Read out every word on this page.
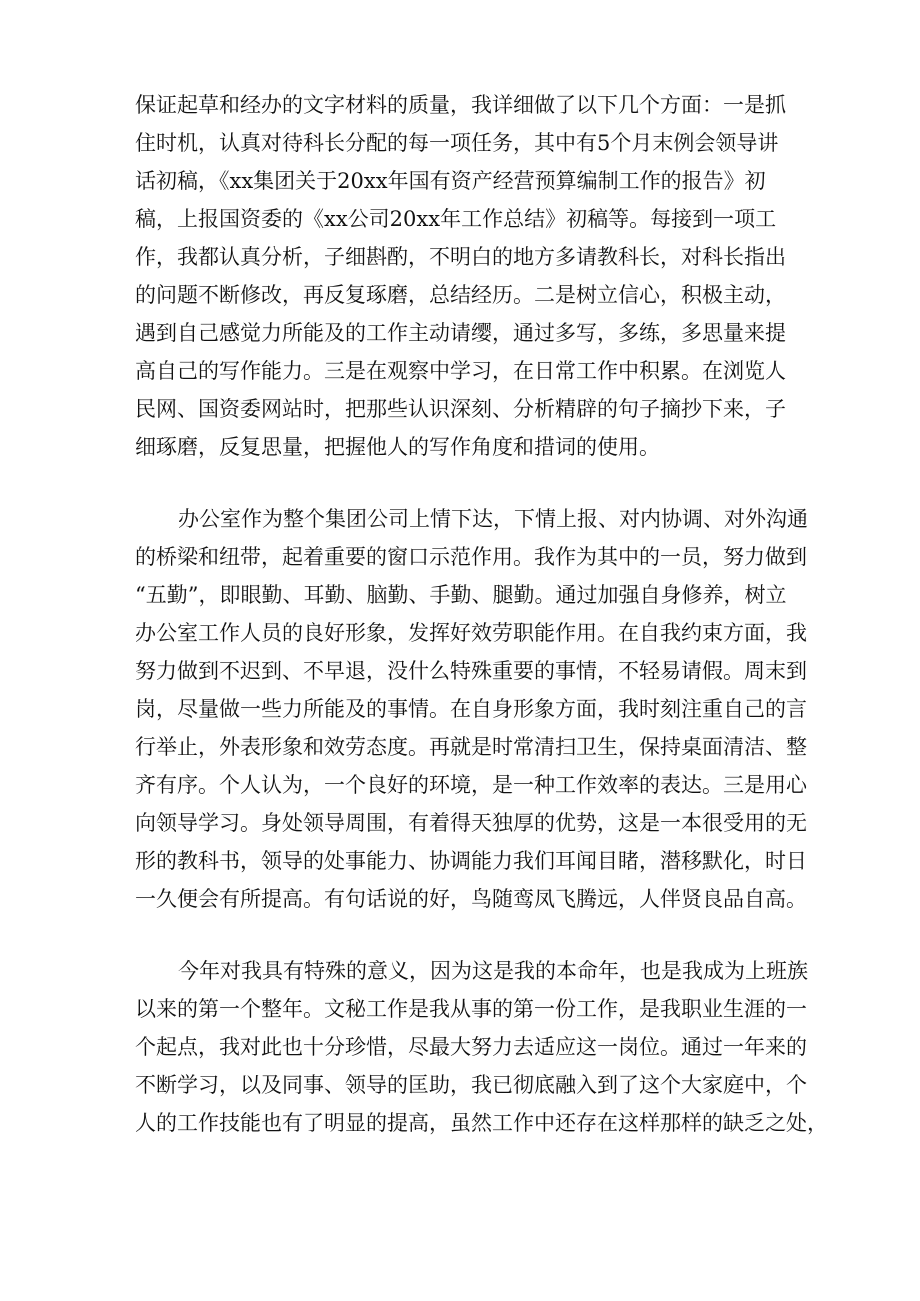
保证起草和经办的文字材料的质量，我详细做了以下几个方面：一是抓
住时机，认真对待科长分配的每一项任务，其中有5个月末例会领导讲
话初稿，《xx集团关于20xx年国有资产经营预算编制工作的报告》初
稿，上报国资委的《xx公司20xx年工作总结》初稿等。每接到一项工
作，我都认真分析，子细斟酌，不明白的地方多请教科长，对科长指出
的问题不断修改，再反复琢磨，总结经历。二是树立信心，积极主动，
遇到自己感觉力所能及的工作主动请缨，通过多写，多练，多思量来提
高自己的写作能力。三是在观察中学习，在日常工作中积累。在浏览人
民网、国资委网站时，把那些认识深刻、分析精辟的句子摘抄下来，子
细琢磨，反复思量，把握他人的写作角度和措词的使用。
办公室作为整个集团公司上情下达，下情上报、对内协调、对外沟通
的桥梁和纽带，起着重要的窗口示范作用。我作为其中的一员，努力做到
“五勤”，即眼勤、耳勤、脑勤、手勤、腿勤。通过加强自身修养，树立
办公室工作人员的良好形象，发挥好效劳职能作用。在自我约束方面，我
努力做到不迟到、不早退，没什么特殊重要的事情，不轻易请假。周末到
岗，尽量做一些力所能及的事情。在自身形象方面，我时刻注重自己的言
行举止，外表形象和效劳态度。再就是时常清扫卫生，保持桌面清洁、整
齐有序。个人认为，一个良好的环境，是一种工作效率的表达。三是用心
向领导学习。身处领导周围，有着得天独厚的优势，这是一本很受用的无
形的教科书，领导的处事能力、协调能力我们耳闻目睹，潜移默化，时日
一久便会有所提高。有句话说的好，鸟随鸾凤飞腾远，人伴贤良品自高。
今年对我具有特殊的意义，因为这是我的本命年，也是我成为上班族
以来的第一个整年。文秘工作是我从事的第一份工作，是我职业生涯的一
个起点，我对此也十分珍惜，尽最大努力去适应这一岗位。通过一年来的
不断学习，以及同事、领导的匡助，我已彻底融入到了这个大家庭中，个
人的工作技能也有了明显的提高，虽然工作中还存在这样那样的缺乏之处，
